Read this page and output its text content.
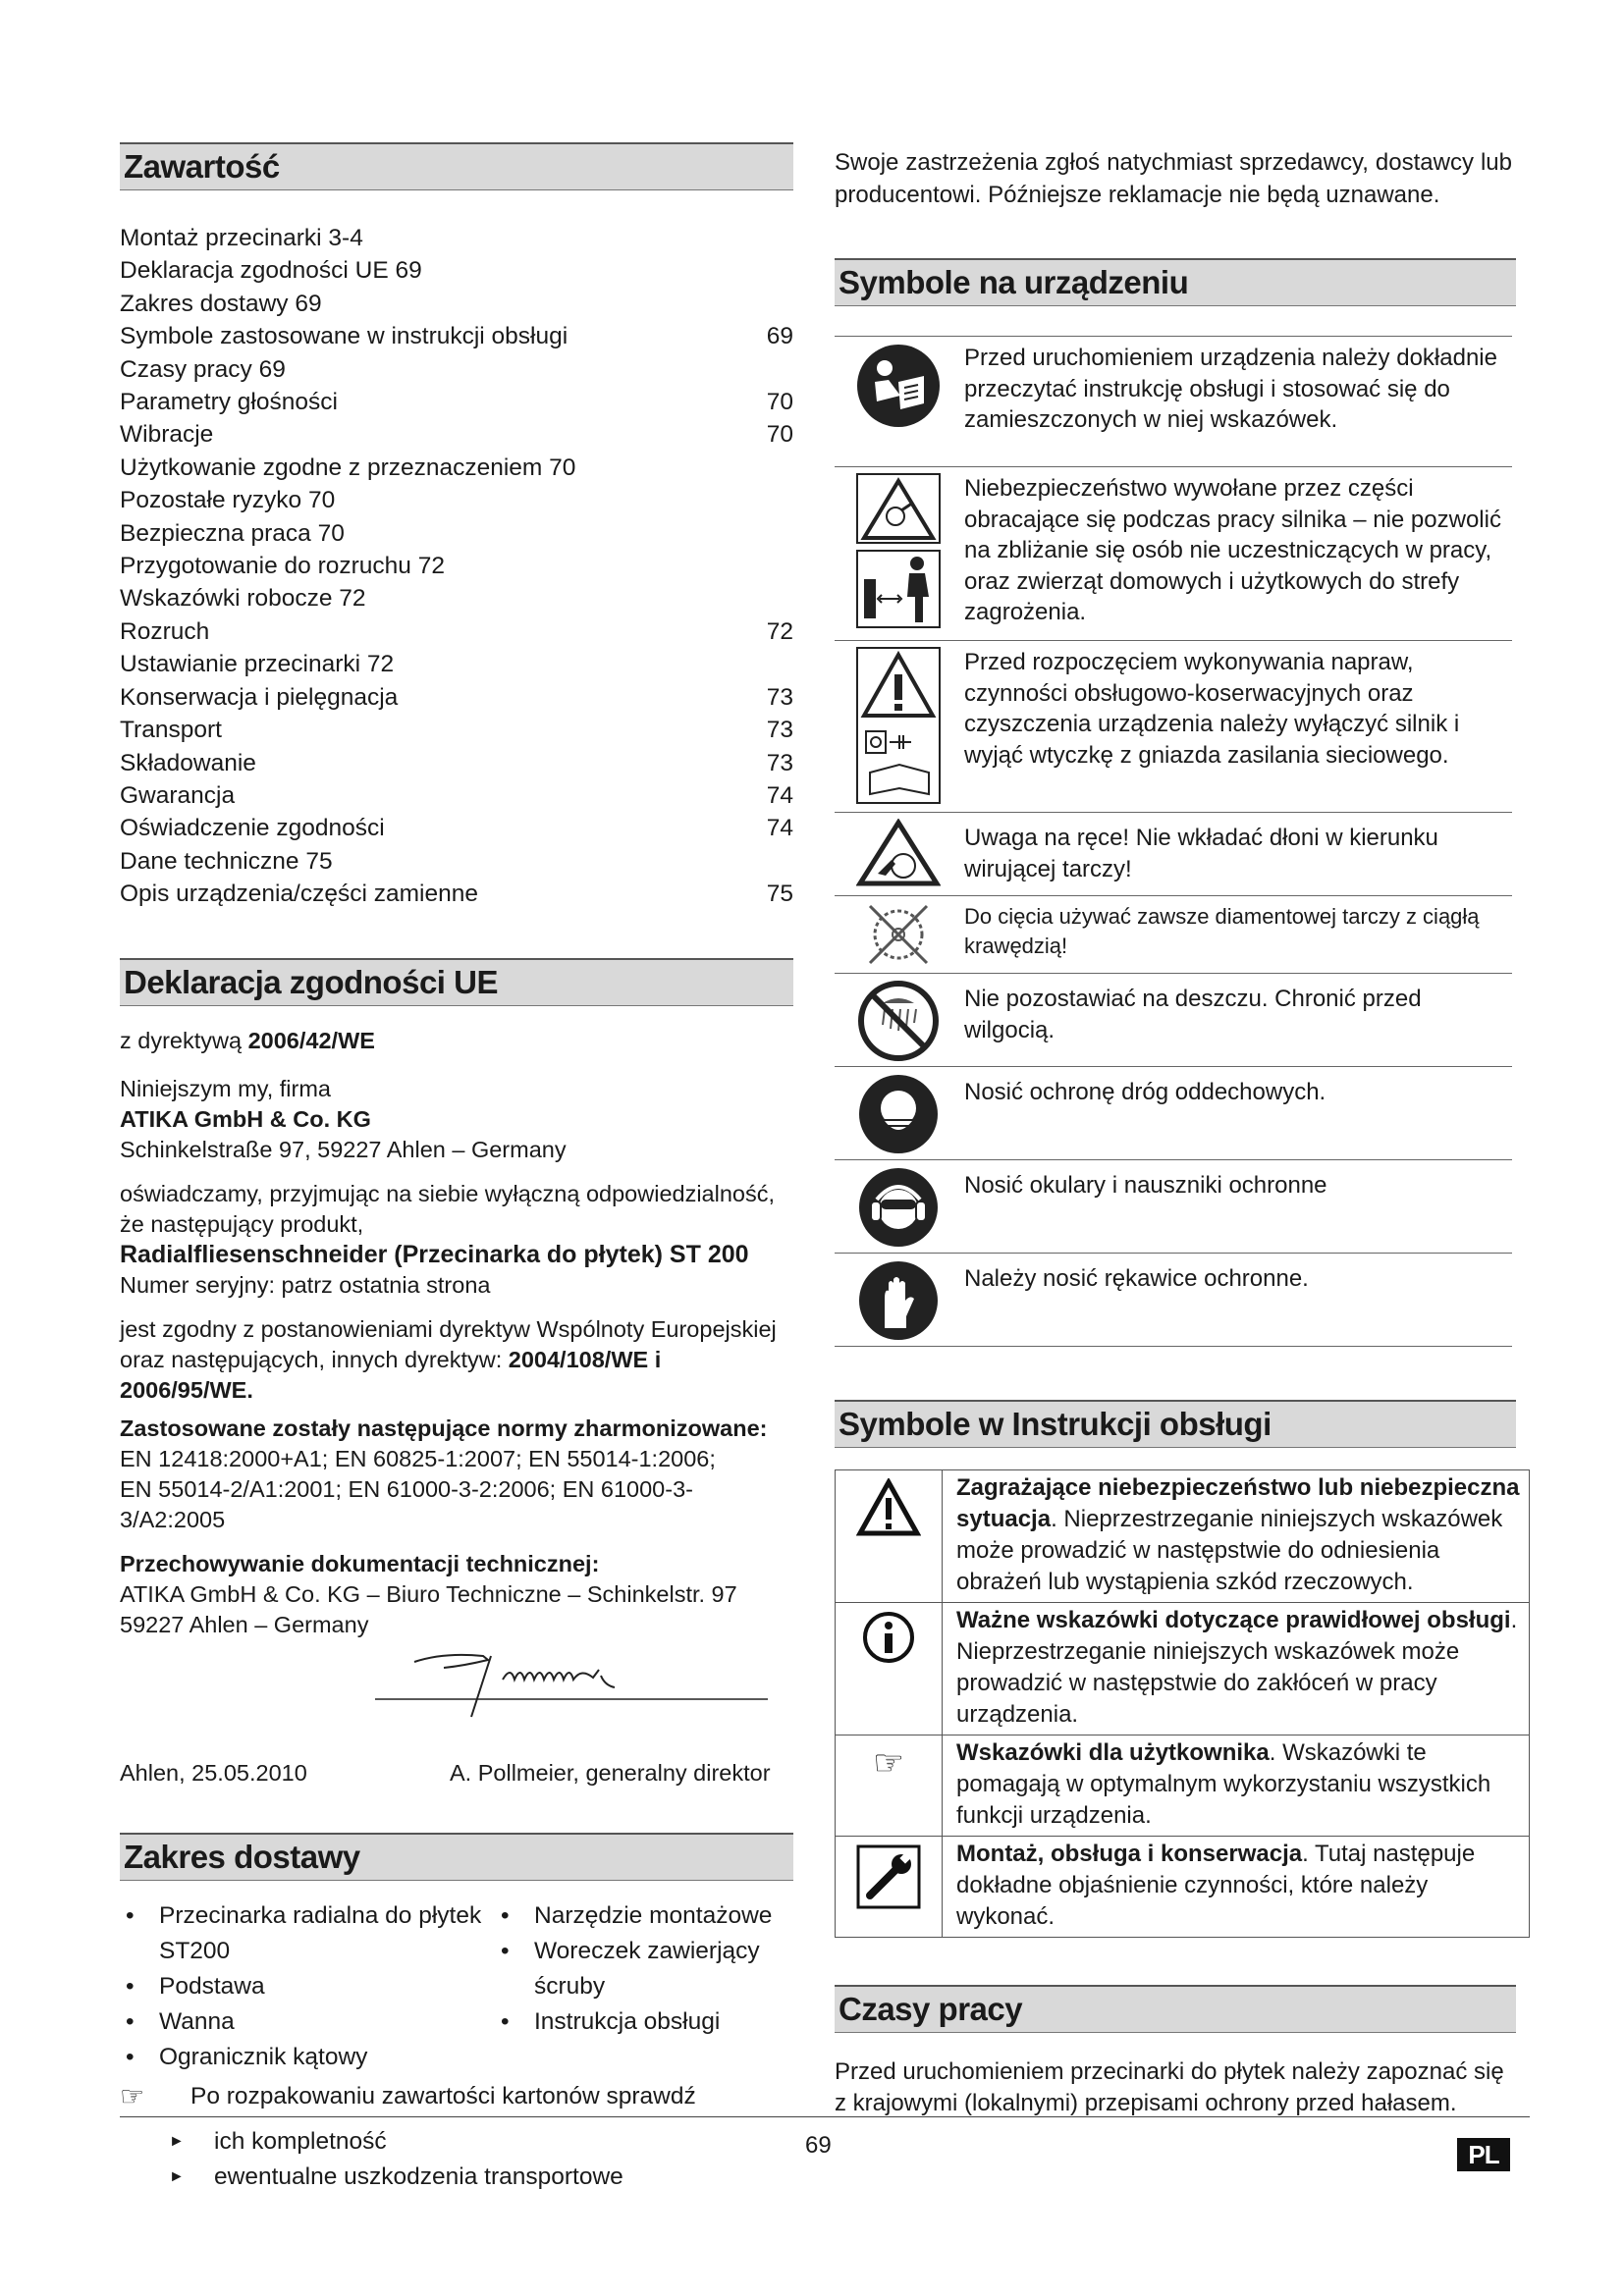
Zawartość
Montaż przecinarki 3-4
Deklaracja zgodności UE 69
Zakres dostawy 69
Symbole zastosowane w instrukcji obsługi	69
Czasy pracy 69
Parametry głośności	70
Wibracje	70
Użytkowanie zgodne z przeznaczeniem 70
Pozostałe ryzyko 70
Bezpieczna praca 70
Przygotowanie do rozruchu 72
Wskazówki robocze 72
Rozruch	72
Ustawianie przecinarki 72
Konserwacja i pielęgnacja	73
Transport	73
Składowanie	73
Gwarancja	74
Oświadczenie zgodności	74
Dane techniczne 75
Opis urządzenia/części zamienne	75
Deklaracja zgodności UE

z dyrektywą 2006/42/WE

Niniejszym my, firma

ATIKA GmbH & Co. KG

Schinkelstraße 97, 59227 Ahlen – Germany

oświadczamy, przyjmując na siebie wyłączną odpowiedzialność, że następujący produkt,

Radialfliesenschneider (Przecinarka do płytek) ST 200

Numer seryjny: patrz ostatnia strona

jest zgodny z postanowieniami dyrektyw Wspólnoty Europejskiej oraz następujących, innych dyrektyw: 2004/108/WE i 2006/95/WE.

Zastosowane zostały następujące normy zharmonizowane:

EN 12418:2000+A1; EN 60825-1:2007; EN 55014-1:2006;

EN 55014-2/A1:2001; EN 61000-3-2:2006; EN 61000-3-3/A2:2005

Przechowywanie dokumentacji technicznej:

ATIKA GmbH & Co. KG – Biuro Techniczne – Schinkelstr. 97

59227 Ahlen – Germany

Ahlen, 25.05.2010	A. Pollmeier, generalny direktor
Zakres dostawy
•	Przecinarka radialna do płytek ST200
•	Podstawa
•	Wanna
•	Ogranicznik kątowy
•	Narzędzie montażowe
•	Woreczek zawierjący ścruby
•	Instrukcja obsługi
☞	Po rozpakowaniu zawartości kartonów sprawdź
►	ich kompletność
►	ewentualne uszkodzenia transportowe

Swoje zastrzeżenia zgłoś natychmiast sprzedawcy, dostawcy lub producentowi. Późniejsze reklamacje nie będą uznawane.

Symbole na urządzeniu
Przed uruchomieniem urządzenia należy dokładnie przeczytać instrukcję obsługi i stosować się do zamieszczonych w niej wskazówek.
Niebezpieczeństwo wywołane przez części obracające się podczas pracy silnika – nie pozwolić na zbliżanie się osób nie uczestniczących w pracy, oraz zwierząt domowych i użytkowych do strefy zagrożenia.
Przed rozpoczęciem wykonywania napraw, czynności obsługowo-koserwacyjnych oraz czyszczenia urządzenia należy wyłączyć silnik i wyjąć wtyczkę z gniazda zasilania sieciowego.
Uwaga na ręce! Nie wkładać dłoni w kierunku wirującej tarczy!
Do cięcia używać zawsze diamentowej tarczy z ciągłą krawędzią!
Nie pozostawiać na deszczu. Chronić przed wilgocią.
Nosić ochronę dróg oddechowych.
Nosić okulary i nauszniki ochronne
Należy nosić rękawice ochronne.
Symbole w Instrukcji obsługi
Zagrażające niebezpieczeństwo lub niebezpieczna sytuacja. Nieprzestrzeganie niniejszych wskazówek może prowadzić w następstwie do odniesienia obrażeń lub wystąpienia szkód rzeczowych.
Ważne wskazówki dotyczące prawidłowej obsługi. Nieprzestrzeganie niniejszych wskazówek może prowadzić w następstwie do zakłóceń w pracy urządzenia.
☞	Wskazówki dla użytkownika. Wskazówki te pomagają w optymalnym wykorzystaniu wszystkich funkcji urządzenia.
Montaż, obsługa i konserwacja. Tutaj następuje dokładne objaśnienie czynności, które należy wykonać.
Czasy pracy

Przed uruchomieniem przecinarki do płytek należy zapoznać się z krajowymi (lokalnymi) przepisami ochrony przed hałasem.

69	PL
